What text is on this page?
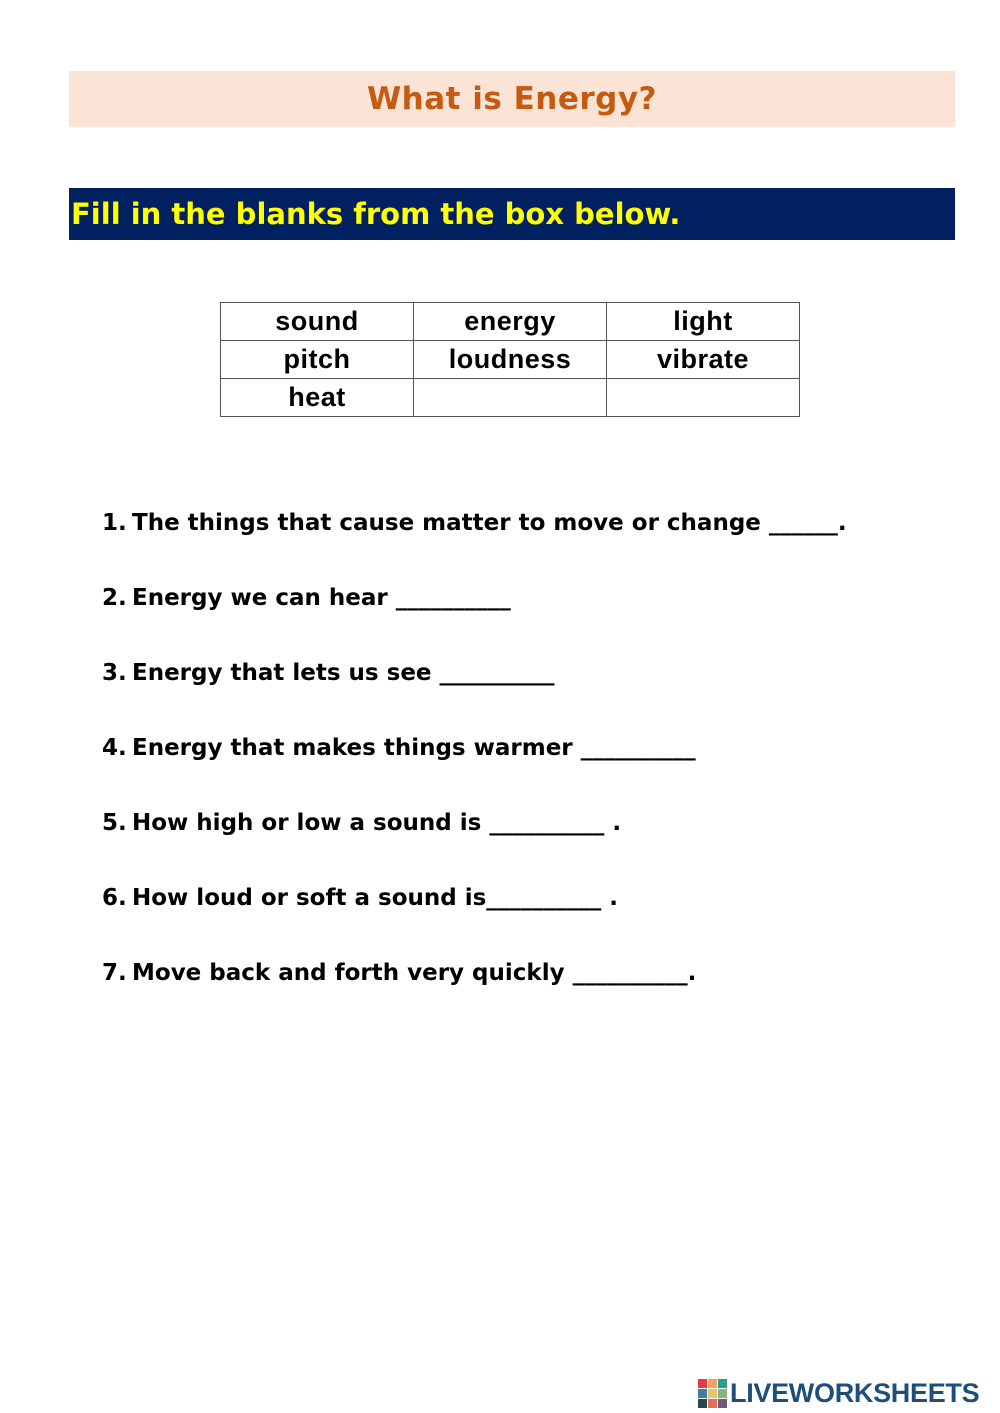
What is Energy?
Fill in the blanks from the box below.
sound	energy	light
pitch	loudness	vibrate
heat		
1. The things that cause matter to move or change ______.
2. Energy we can hear __________
3. Energy that lets us see __________
4. Energy that makes things warmer __________
5. How high or low a sound is __________ .
6. How loud or soft a sound is__________ .
7. Move back and forth very quickly __________.
LIVEWORKSHEETS
